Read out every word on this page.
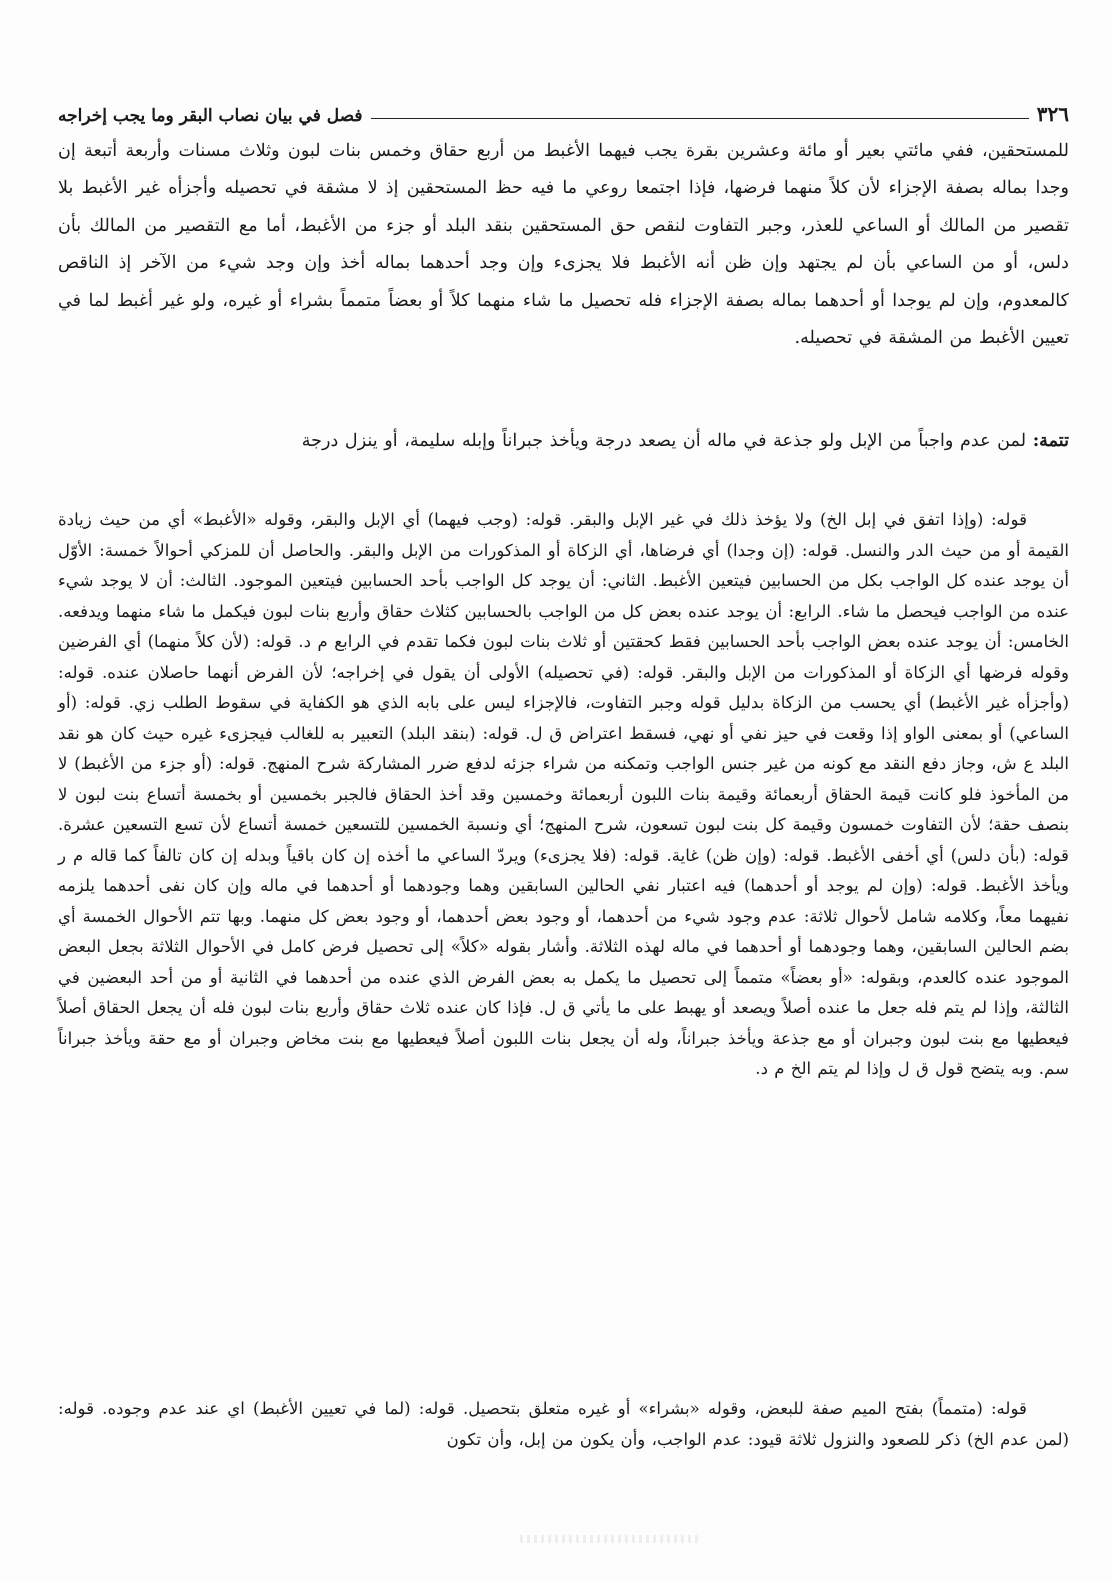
٣٢٦
فصل في بيان نصاب البقر وما يجب إخراجه

للمستحقين، ففي مائتي بعير أو مائة وعشرين بقرة يجب فيهما الأغبط من أربع حقاق وخمس بنات لبون وثلاث مسنات وأربعة أتبعة إن وجدا بماله بصفة الإجزاء لأن كلاً منهما فرضها، فإذا اجتمعا روعي ما فيه حظ المستحقين إذ لا مشقة في تحصيله وأجزأه غير الأغبط بلا تقصير من المالك أو الساعي للعذر، وجبر التفاوت لنقص حق المستحقين بنقد البلد أو جزء من الأغبط، أما مع التقصير من المالك بأن دلس، أو من الساعي بأن لم يجتهد وإن ظن أنه الأغبط فلا يجزىء وإن وجد أحدهما بماله أخذ وإن وجد شيء من الآخر إذ الناقص كالمعدوم، وإن لم يوجدا أو أحدهما بماله بصفة الإجزاء فله تحصيل ما شاء منهما كلاً أو بعضاً متمماً بشراء أو غيره، ولو غير أغبط لما في تعيين الأغبط من المشقة في تحصيله.

تتمة: لمن عدم واجباً من الإبل ولو جذعة في ماله أن يصعد درجة ويأخذ جبراناً وإبله سليمة، أو ينزل درجة

قوله: (وإذا اتفق في إبل الخ) ولا يؤخذ ذلك في غير الإبل والبقر. قوله: (وجب فيهما) أي الإبل والبقر، وقوله «الأغبط» أي من حيث زيادة القيمة أو من حيث الدر والنسل. قوله: (إن وجدا) أي فرضاها، أي الزكاة أو المذكورات من الإبل والبقر. والحاصل أن للمزكي أحوالاً خمسة: الأوّل أن يوجد عنده كل الواجب بكل من الحسابين فيتعين الأغبط. الثاني: أن يوجد كل الواجب بأحد الحسابين فيتعين الموجود. الثالث: أن لا يوجد شيء عنده من الواجب فيحصل ما شاء. الرابع: أن يوجد عنده بعض كل من الواجب بالحسابين كثلاث حقاق وأربع بنات لبون فيكمل ما شاء منهما ويدفعه. الخامس: أن يوجد عنده بعض الواجب بأحد الحسابين فقط كحقتين أو ثلاث بنات لبون فكما تقدم في الرابع م د. قوله: (لأن كلاً منهما) أي الفرضين وقوله فرضها أي الزكاة أو المذكورات من الإبل والبقر. قوله: (في تحصيله) الأولى أن يقول في إخراجه؛ لأن الفرض أنهما حاصلان عنده. قوله: (وأجزأه غير الأغبط) أي يحسب من الزكاة بدليل قوله وجبر التفاوت، فالإجزاء ليس على بابه الذي هو الكفاية في سقوط الطلب زي. قوله: (أو الساعي) أو بمعنى الواو إذا وقعت في حيز نفي أو نهي، فسقط اعتراض ق ل. قوله: (بنقد البلد) التعبير به للغالب فيجزىء غيره حيث كان هو نقد البلد ع ش، وجاز دفع النقد مع كونه من غير جنس الواجب وتمكنه من شراء جزئه لدفع ضرر المشاركة شرح المنهج. قوله: (أو جزء من الأغبط) لا من المأخوذ فلو كانت قيمة الحقاق أربعمائة وقيمة بنات اللبون أربعمائة وخمسين وقد أخذ الحقاق فالجبر بخمسين أو بخمسة أتساع بنت لبون لا بنصف حقة؛ لأن التفاوت خمسون وقيمة كل بنت لبون تسعون، شرح المنهج؛ أي ونسبة الخمسين للتسعين خمسة أتساع لأن تسع التسعين عشرة. قوله: (بأن دلس) أي أخفى الأغبط. قوله: (وإن ظن) غاية. قوله: (فلا يجزىء) ويردّ الساعي ما أخذه إن كان باقياً وبدله إن كان تالفاً كما قاله م ر ويأخذ الأغبط. قوله: (وإن لم يوجد أو أحدهما) فيه اعتبار نفي الحالين السابقين وهما وجودهما أو أحدهما في ماله وإن كان نفى أحدهما يلزمه نفيهما معاً، وكلامه شامل لأحوال ثلاثة: عدم وجود شيء من أحدهما، أو وجود بعض أحدهما، أو وجود بعض كل منهما. وبها تتم الأحوال الخمسة أي بضم الحالين السابقين، وهما وجودهما أو أحدهما في ماله لهذه الثلاثة. وأشار بقوله «كلاً» إلى تحصيل فرض كامل في الأحوال الثلاثة بجعل البعض الموجود عنده كالعدم، وبقوله: «أو بعضاً» متمماً إلى تحصيل ما يكمل به بعض الفرض الذي عنده من أحدهما في الثانية أو من أحد البعضين في الثالثة، وإذا لم يتم فله جعل ما عنده أصلاً ويصعد أو يهبط على ما يأتي ق ل. فإذا كان عنده ثلاث حقاق وأربع بنات لبون فله أن يجعل الحقاق أصلاً فيعطيها مع بنت لبون وجبران أو مع جذعة ويأخذ جبراناً، وله أن يجعل بنات اللبون أصلاً فيعطيها مع بنت مخاض وجبران أو مع حقة ويأخذ جبراناً سم. وبه يتضح قول ق ل وإذا لم يتم الخ م د.

قوله: (متمماً) بفتح الميم صفة للبعض، وقوله «بشراء» أو غيره متعلق بتحصيل. قوله: (لما في تعيين الأغبط) اي عند عدم وجوده. قوله: (لمن عدم الخ) ذكر للصعود والنزول ثلاثة قيود: عدم الواجب، وأن يكون من إبل، وأن تكون
